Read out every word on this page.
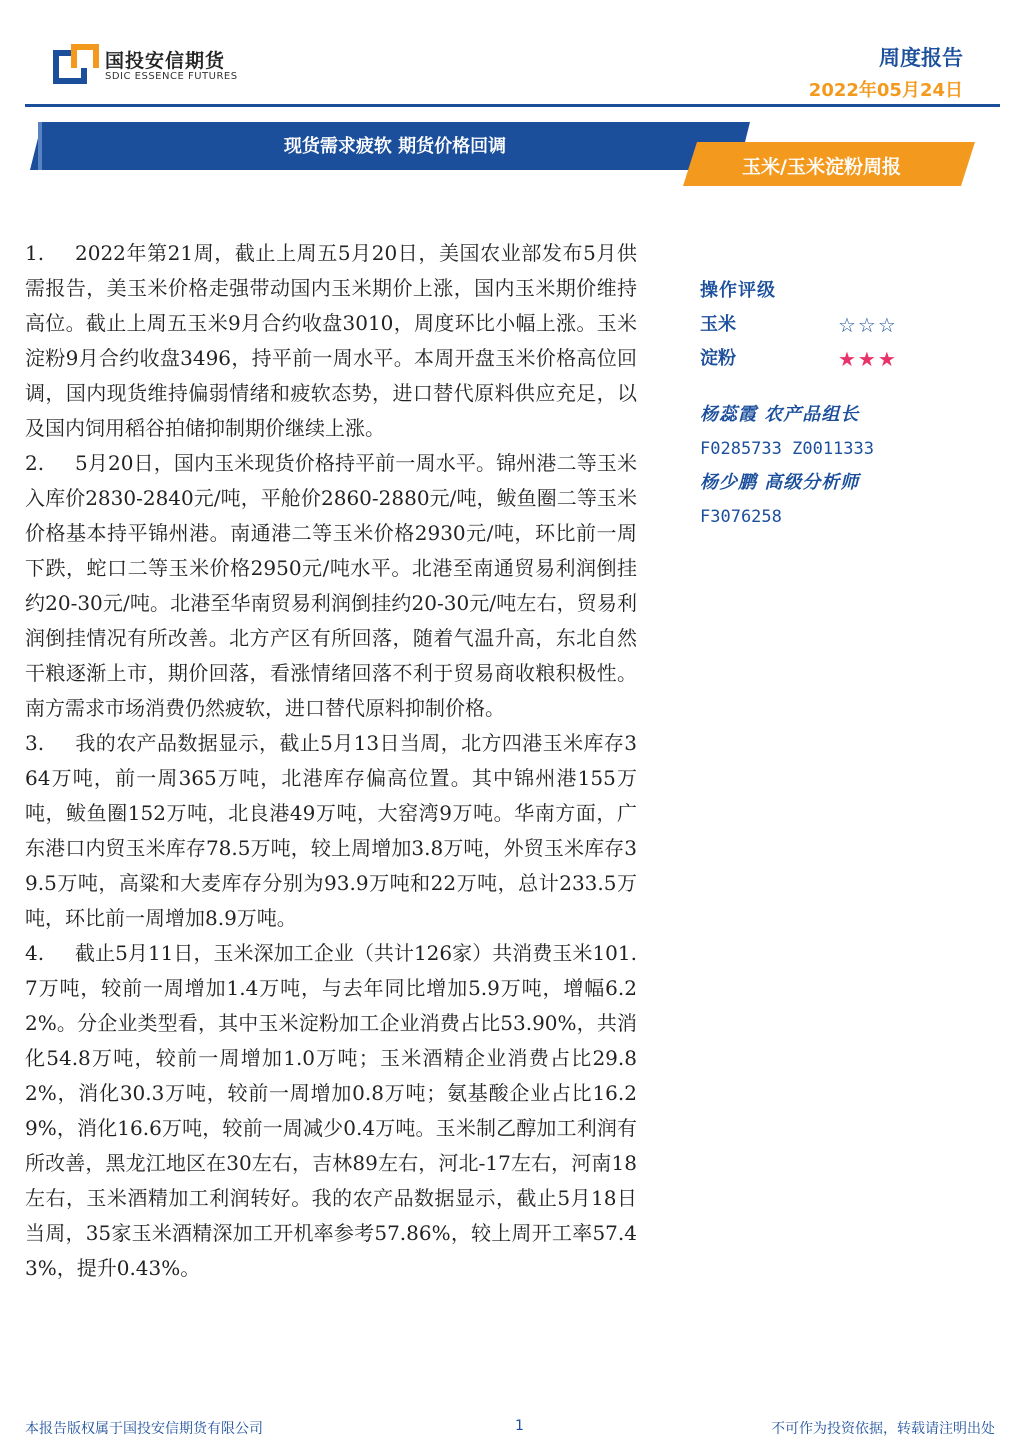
国投安信期货
SDIC ESSENCE FUTURES
周度报告
2022年05月24日
现货需求疲软 期货价格回调
玉米/玉米淀粉周报

1. 2022年第21周，截止上周五5月20日，美国农业部发布5月供需报告，美玉米价格走强带动国内玉米期价上涨，国内玉米期价维持高位。截止上周五玉米9月合约收盘3010，周度环比小幅上涨。玉米淀粉9月合约收盘3496，持平前一周水平。本周开盘玉米价格高位回调，国内现货维持偏弱情绪和疲软态势，进口替代原料供应充足，以及国内饲用稻谷拍储抑制期价继续上涨。

2. 5月20日，国内玉米现货价格持平前一周水平。锦州港二等玉米入库价2830-2840元/吨，平舱价2860-2880元/吨，鲅鱼圈二等玉米价格基本持平锦州港。南通港二等玉米价格2930元/吨，环比前一周下跌，蛇口二等玉米价格2950元/吨水平。北港至南通贸易利润倒挂约20-30元/吨。北港至华南贸易利润倒挂约20-30元/吨左右，贸易利润倒挂情况有所改善。北方产区有所回落，随着气温升高，东北自然干粮逐渐上市，期价回落，看涨情绪回落不利于贸易商收粮积极性。南方需求市场消费仍然疲软，进口替代原料抑制价格。

3. 我的农产品数据显示，截止5月13日当周，北方四港玉米库存364万吨，前一周365万吨，北港库存偏高位置。其中锦州港155万吨，鲅鱼圈152万吨，北良港49万吨，大窑湾9万吨。华南方面，广东港口内贸玉米库存78.5万吨，较上周增加3.8万吨，外贸玉米库存39.5万吨，高粱和大麦库存分别为93.9万吨和22万吨，总计233.5万吨，环比前一周增加8.9万吨。

4. 截止5月11日，玉米深加工企业（共计126家）共消费玉米101.7万吨，较前一周增加1.4万吨，与去年同比增加5.9万吨，增幅6.22%。分企业类型看，其中玉米淀粉加工企业消费占比53.90%，共消化54.8万吨，较前一周增加1.0万吨；玉米酒精企业消费占比29.82%，消化30.3万吨，较前一周增加0.8万吨；氨基酸企业占比16.29%，消化16.6万吨，较前一周减少0.4万吨。玉米制乙醇加工利润有所改善，黑龙江地区在30左右，吉林89左右，河北-17左右，河南18左右，玉米酒精加工利润转好。我的农产品数据显示，截止5月18日当周，35家玉米酒精深加工开机率参考57.86%，较上周开工率57.43%，提升0.43%。

操作评级
玉米	☆☆☆
淀粉	★★★
杨蕊霞 农产品组长
F0285733 Z0011333
杨少鹏 高级分析师
F3076258
本报告版权属于国投安信期货有限公司	1	不可作为投资依据，转载请注明出处
